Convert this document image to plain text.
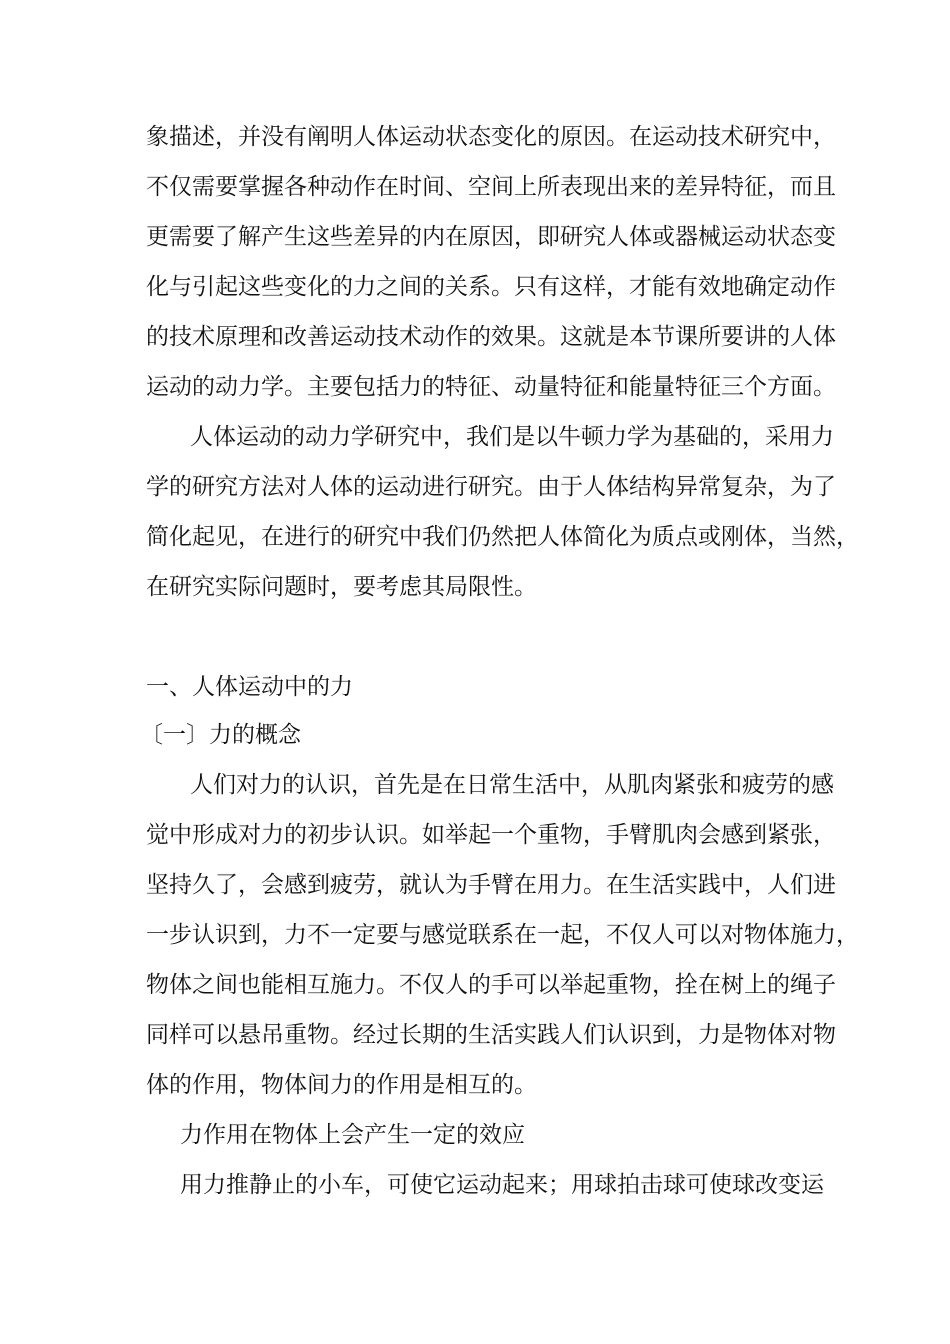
象描述，并没有阐明人体运动状态变化的原因。在运动技术研究中，
不仅需要掌握各种动作在时间、空间上所表现出来的差异特征，而且
更需要了解产生这些差异的内在原因，即研究人体或器械运动状态变
化与引起这些变化的力之间的关系。只有这样，才能有效地确定动作
的技术原理和改善运动技术动作的效果。这就是本节课所要讲的人体
运动的动力学。主要包括力的特征、动量特征和能量特征三个方面。
人体运动的动力学研究中，我们是以牛顿力学为基础的，采用力
学的研究方法对人体的运动进行研究。由于人体结构异常复杂，为了
简化起见，在进行的研究中我们仍然把人体简化为质点或刚体，当然，
在研究实际问题时，要考虑其局限性。
一、人体运动中的力
〔一〕力的概念
人们对力的认识，首先是在日常生活中，从肌肉紧张和疲劳的感
觉中形成对力的初步认识。如举起一个重物，手臂肌肉会感到紧张，
坚持久了，会感到疲劳，就认为手臂在用力。在生活实践中，人们进
一步认识到，力不一定要与感觉联系在一起，不仅人可以对物体施力，
物体之间也能相互施力。不仅人的手可以举起重物，拴在树上的绳子
同样可以悬吊重物。经过长期的生活实践人们认识到，力是物体对物
体的作用，物体间力的作用是相互的。
力作用在物体上会产生一定的效应
用力推静止的小车，可使它运动起来；用球拍击球可使球改变运
